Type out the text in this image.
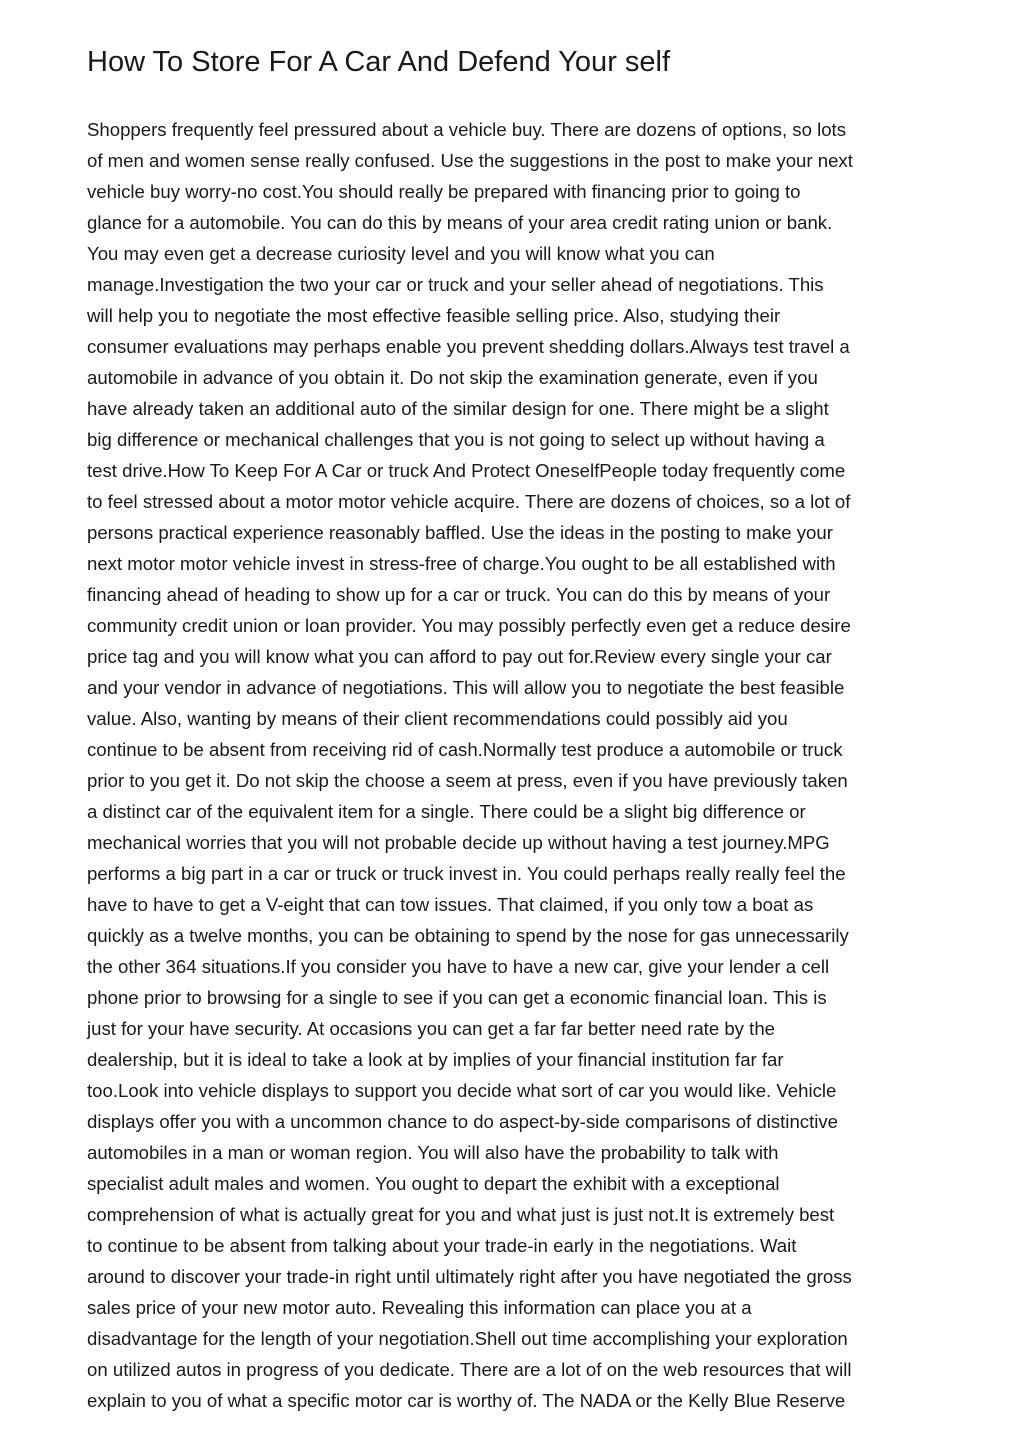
How To Store For A Car And Defend Your self
Shoppers frequently feel pressured about a vehicle buy. There are dozens of options, so lots
of men and women sense really confused. Use the suggestions in the post to make your next
vehicle buy worry-no cost.You should really be prepared with financing prior to going to
glance for a automobile. You can do this by means of your area credit rating union or bank.
You may even get a decrease curiosity level and you will know what you can
manage.Investigation the two your car or truck and your seller ahead of negotiations. This
will help you to negotiate the most effective feasible selling price. Also, studying their
consumer evaluations may perhaps enable you prevent shedding dollars.Always test travel a
automobile in advance of you obtain it. Do not skip the examination generate, even if you
have already taken an additional auto of the similar design for one. There might be a slight
big difference or mechanical challenges that you is not going to select up without having a
test drive.How To Keep For A Car or truck And Protect OneselfPeople today frequently come
to feel stressed about a motor motor vehicle acquire. There are dozens of choices, so a lot of
persons practical experience reasonably baffled. Use the ideas in the posting to make your
next motor motor vehicle invest in stress-free of charge.You ought to be all established with
financing ahead of heading to show up for a car or truck. You can do this by means of your
community credit union or loan provider. You may possibly perfectly even get a reduce desire
price tag and you will know what you can afford to pay out for.Review every single your car
and your vendor in advance of negotiations. This will allow you to negotiate the best feasible
value. Also, wanting by means of their client recommendations could possibly aid you
continue to be absent from receiving rid of cash.Normally test produce a automobile or truck
prior to you get it. Do not skip the choose a seem at press, even if you have previously taken
a distinct car of the equivalent item for a single. There could be a slight big difference or
mechanical worries that you will not probable decide up without having a test journey.MPG
performs a big part in a car or truck or truck invest in. You could perhaps really really feel the
have to have to get a V-eight that can tow issues. That claimed, if you only tow a boat as
quickly as a twelve months, you can be obtaining to spend by the nose for gas unnecessarily
the other 364 situations.If you consider you have to have a new car, give your lender a cell
phone prior to browsing for a single to see if you can get a economic financial loan. This is
just for your have security. At occasions you can get a far far better need rate by the
dealership, but it is ideal to take a look at by implies of your financial institution far far
too.Look into vehicle displays to support you decide what sort of car you would like. Vehicle
displays offer you with a uncommon chance to do aspect-by-side comparisons of distinctive
automobiles in a man or woman region. You will also have the probability to talk with
specialist adult males and women. You ought to depart the exhibit with a exceptional
comprehension of what is actually great for you and what just is just not.It is extremely best
to continue to be absent from talking about your trade-in early in the negotiations. Wait
around to discover your trade-in right until ultimately right after you have negotiated the gross
sales price of your new motor auto. Revealing this information can place you at a
disadvantage for the length of your negotiation.Shell out time accomplishing your exploration
on utilized autos in progress of you dedicate. There are a lot of on the web resources that will
explain to you of what a specific motor car is worthy of. The NADA or the Kelly Blue Reserve
